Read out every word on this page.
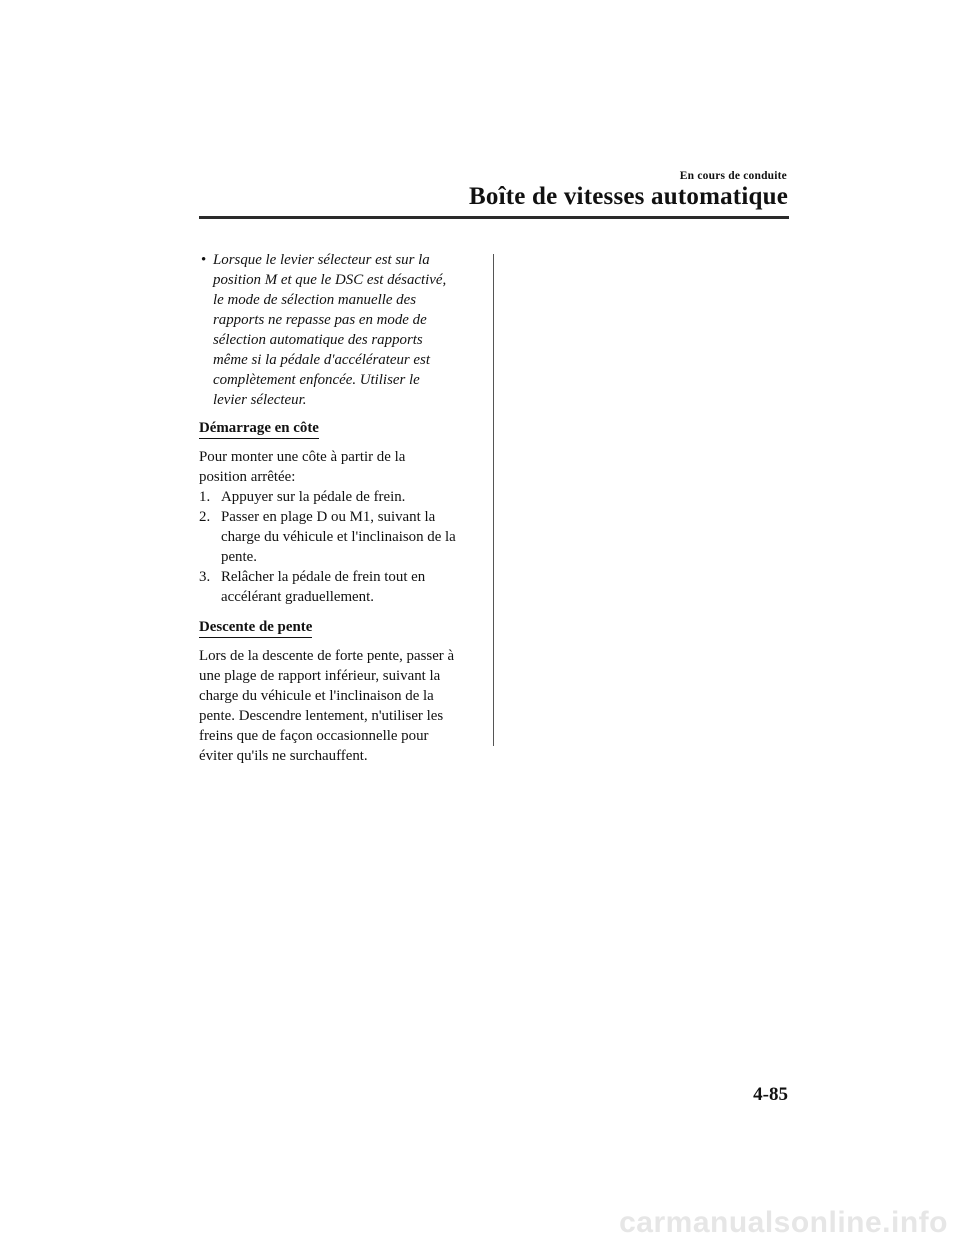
En cours de conduite
Boîte de vitesses automatique
• Lorsque le levier sélecteur est sur la
position M et que le DSC est désactivé,
le mode de sélection manuelle des
rapports ne repasse pas en mode de
sélection automatique des rapports
même si la pédale d'accélérateur est
complètement enfoncée. Utiliser le
levier sélecteur.
Démarrage en côte
Pour monter une côte à partir de la
position arrêtée:
1. Appuyer sur la pédale de frein.
2. Passer en plage D ou M1, suivant la
charge du véhicule et l'inclinaison de la
pente.
3. Relâcher la pédale de frein tout en
accélérant graduellement.
Descente de pente
Lors de la descente de forte pente, passer à
une plage de rapport inférieur, suivant la
charge du véhicule et l'inclinaison de la
pente. Descendre lentement, n'utiliser les
freins que de façon occasionnelle pour
éviter qu'ils ne surchauffent.
4-85
carmanualsonline.info
